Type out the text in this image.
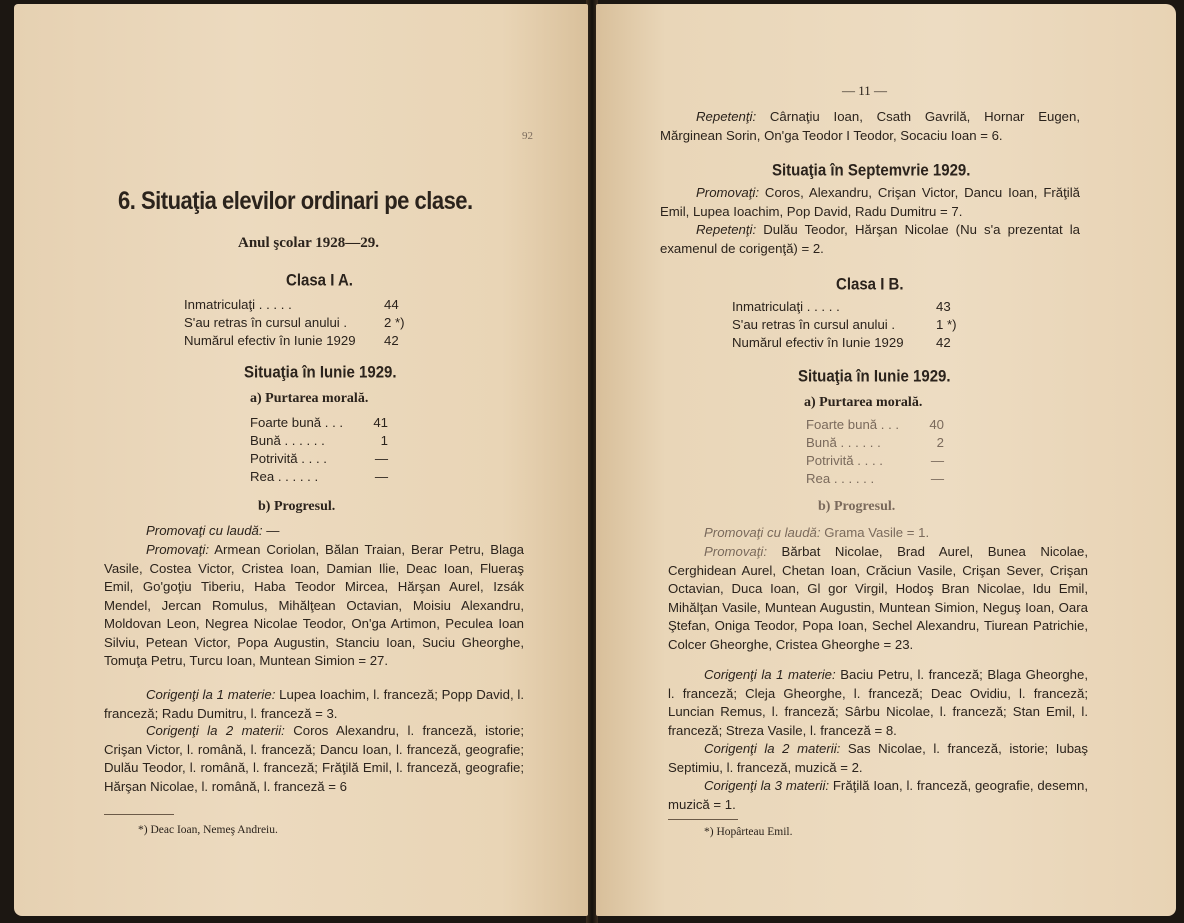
92
6. Situaţia elevilor ordinari pe clase.
Anul şcolar 1928—29.
Clasa I A.
Inmatriculaţi . . . . .	44
S'au retras în cursul anului .	2 *)
Numărul efectiv în Iunie 1929	42
Situaţia în Iunie 1929.
a) Purtarea morală.
Foarte bună . . .	41
Bună . . . . . .	1
Potrivită . . . .	—
Rea . . . . . .	—
b) Progresul.
Promovaţi cu laudă: —
Promovaţi: Armean Coriolan, Bălan Traian, Berar Petru, Blaga Vasile, Costea Victor, Cristea Ioan, Damian Ilie, Deac Ioan, Flueraş Emil, Go'goţiu Tiberiu, Haba Teodor Mircea, Hărşan Aurel, Izsák Mendel, Jercan Romulus, Mihălţean Octavian, Moisiu Alexandru, Moldovan Leon, Negrea Nicolae Teodor, On'ga Artimon, Peculea Ioan Silviu, Petean Victor, Popa Augustin, Stanciu Ioan, Suciu Gheorghe, Tomuţa Petru, Turcu Ioan, Muntean Simion = 27.
Corigenţi la 1 materie: Lupea Ioachim, l. franceză; Popp David, l. franceză; Radu Dumitru, l. franceză = 3.
Corigenţi la 2 materii: Coros Alexandru, l. franceză, istorie; Crişan Victor, l. română, l. franceză; Dancu Ioan, l. franceză, geografie; Dulău Teodor, l. română, l. franceză; Frăţilă Emil, l. franceză, geografie; Hărşan Nicolae, l. română, l. franceză = 6
*) Deac Ioan, Nemeş Andreiu.
— 11 —
Repetenţi: Cârnaţiu Ioan, Csath Gavrilă, Hornar Eugen, Mărginean Sorin, On'ga Teodor I Teodor, Socaciu Ioan = 6.
Situaţia în Septemvrie 1929.
Promovaţi: Coros, Alexandru, Crişan Victor, Dancu Ioan, Frăţilă Emil, Lupea Ioachim, Pop David, Radu Dumitru = 7.
Repetenţi: Dulău Teodor, Hărşan Nicolae (Nu s'a prezentat la examenul de corigenţă) = 2.
Clasa I B.
Inmatriculaţi . . . . .	43
S'au retras în cursul anului .	1 *)
Numărul efectiv în Iunie 1929	42
Situaţia în Iunie 1929.
a) Purtarea morală.
Foarte bună . . .	40
Bună . . . . . .	2
Potrivită . . . .	—
Rea . . . . . .	—
b) Progresul.
Promovaţi cu laudă: Grama Vasile = 1.
Promovaţi: Bărbat Nicolae, Brad Aurel, Bunea Nicolae, Cerghidean Aurel, Chetan Ioan, Crăciun Vasile, Crişan Sever, Crişan Octavian, Duca Ioan, Gl gor Virgil, Hodoş Bran Nicolae, Idu Emil, Mihălţan Vasile, Muntean Augustin, Muntean Simion, Neguş Ioan, Oara Ştefan, Oniga Teodor, Popa Ioan, Sechel Alexandru, Tiurean Patrichie, Colcer Gheorghe, Cristea Gheorghe = 23.
Corigenţi la 1 materie: Baciu Petru, l. franceză; Blaga Gheorghe, l. franceză; Cleja Gheorghe, l. franceză; Deac Ovidiu, l. franceză; Luncian Remus, l. franceză; Sârbu Nicolae, l. franceză; Stan Emil, l. franceză; Streza Vasile, l. franceză = 8.
Corigenţi la 2 materii: Sas Nicolae, l. franceză, istorie; Iubaş Septimiu, l. franceză, muzică = 2.
Corigenţi la 3 materii: Frăţilă Ioan, l. franceză, geografie, desemn, muzică = 1.
*) Hopârteau Emil.
